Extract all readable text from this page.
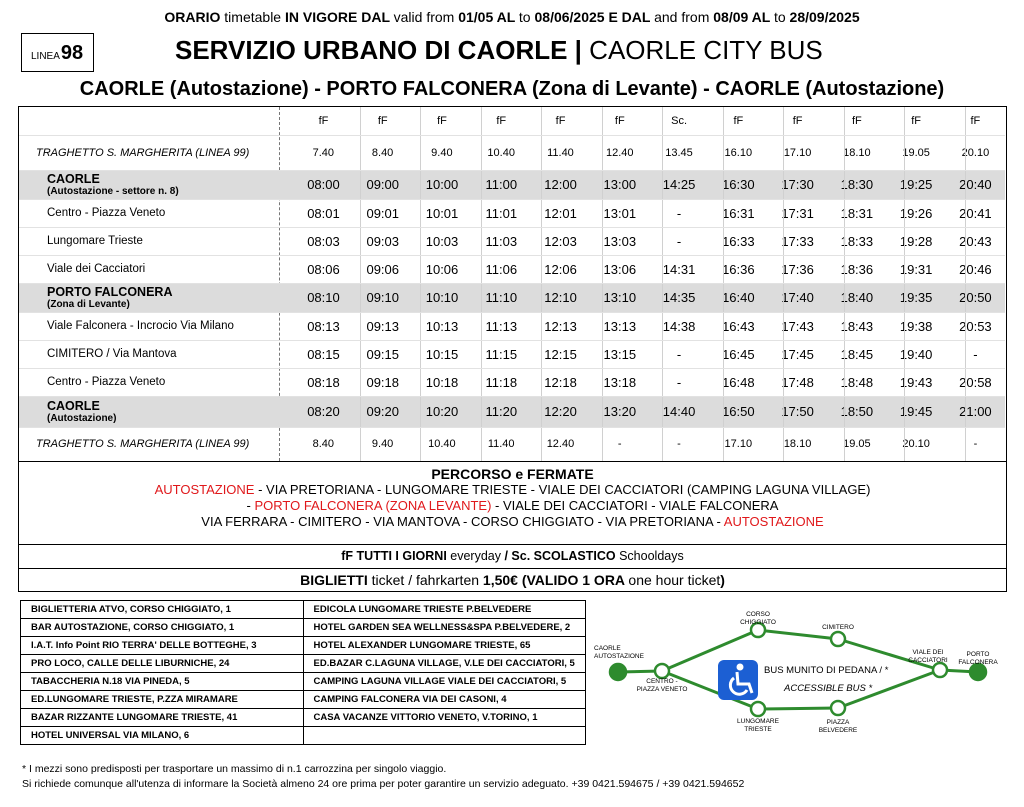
ORARIO timetable IN VIGORE DAL valid from 01/05 AL to 08/06/2025 E DAL and from 08/09 AL to 28/09/2025
LINEA 98	SERVIZIO URBANO DI CAORLE | CAORLE CITY BUS
CAORLE (Autostazione) - PORTO FALCONERA (Zona di Levante) - CAORLE (Autostazione)
fF	fF	fF	fF	fF	fF	Sc.	fF	fF	fF	fF	fF
TRAGHETTO S. MARGHERITA (LINEA 99)	7.40	8.40	9.40	10.40	11.40	12.40	13.45	16.10	17.10	18.10	19.05	20.10
CAORLE
(Autostazione - settore n. 8)	08:00	09:00	10:00	11:00	12:00	13:00	14:25	16:30	17:30	18:30	19:25	20:40
Centro - Piazza Veneto	08:01	09:01	10:01	11:01	12:01	13:01	-	16:31	17:31	18:31	19:26	20:41
Lungomare Trieste	08:03	09:03	10:03	11:03	12:03	13:03	-	16:33	17:33	18:33	19:28	20:43
Viale dei Cacciatori	08:06	09:06	10:06	11:06	12:06	13:06	14:31	16:36	17:36	18:36	19:31	20:46
PORTO FALCONERA
(Zona di Levante)	08:10	09:10	10:10	11:10	12:10	13:10	14:35	16:40	17:40	18:40	19:35	20:50
Viale Falconera - Incrocio Via Milano	08:13	09:13	10:13	11:13	12:13	13:13	14:38	16:43	17:43	18:43	19:38	20:53
CIMITERO / Via Mantova	08:15	09:15	10:15	11:15	12:15	13:15	-	16:45	17:45	18:45	19:40	-
Centro - Piazza Veneto	08:18	09:18	10:18	11:18	12:18	13:18	-	16:48	17:48	18:48	19:43	20:58
CAORLE
(Autostazione)	08:20	09:20	10:20	11:20	12:20	13:20	14:40	16:50	17:50	18:50	19:45	21:00
TRAGHETTO S. MARGHERITA (LINEA 99)	8.40	9.40	10.40	11.40	12.40	-	-	17.10	18.10	19.05	20.10	-
PERCORSO e FERMATE
AUTOSTAZIONE - VIA PRETORIANA - LUNGOMARE TRIESTE - VIALE DEI CACCIATORI (CAMPING LAGUNA VILLAGE)
- PORTO FALCONERA (ZONA LEVANTE) - VIALE DEI CACCIATORI - VIALE FALCONERA
VIA FERRARA - CIMITERO - VIA MANTOVA - CORSO CHIGGIATO - VIA PRETORIANA - AUTOSTAZIONE
fF TUTTI I GIORNI everyday / Sc. SCOLASTICO Schooldays
BIGLIETTI ticket / fahrkarten 1,50€ (VALIDO 1 ORA one hour ticket)
BIGLIETTERIA ATVO, CORSO CHIGGIATO, 1	EDICOLA LUNGOMARE TRIESTE P.BELVEDERE
BAR AUTOSTAZIONE, CORSO CHIGGIATO, 1	HOTEL GARDEN SEA WELLNESS&SPA P.BELVEDERE, 2
I.A.T. Info Point RIO TERRA' DELLE BOTTEGHE, 3	HOTEL ALEXANDER LUNGOMARE TRIESTE, 65
PRO LOCO, CALLE DELLE LIBURNICHE, 24	ED.BAZAR C.LAGUNA VILLAGE, V.LE DEI CACCIATORI, 5
TABACCHERIA N.18 VIA PINEDA, 5	CAMPING LAGUNA VILLAGE VIALE DEI CACCIATORI, 5
ED.LUNGOMARE TRIESTE, P.ZZA MIRAMARE	CAMPING FALCONERA VIA DEI CASONI, 4
BAZAR RIZZANTE LUNGOMARE TRIESTE, 41	CASA VACANZE VITTORIO VENETO, V.TORINO, 1
HOTEL UNIVERSAL VIA MILANO, 6	
CAORLE
AUTOSTAZIONE
CENTRO -
PIAZZA VENETO
CORSO
CHIGGIATO
CIMITERO
LUNGOMARE
TRIESTE
PIAZZA
BELVEDERE
VIALE DEI
CACCIATORI
PORTO
FALCONERA
BUS MUNITO DI PEDANA / *
ACCESSIBLE BUS *
* I mezzi sono predisposti per trasportare un massimo di n.1 carrozzina per singolo viaggio.
Si richiede comunque all'utenza di informare la Società almeno 24 ore prima per poter garantire un servizio adeguato. +39 0421.594675 / +39 0421.594652
